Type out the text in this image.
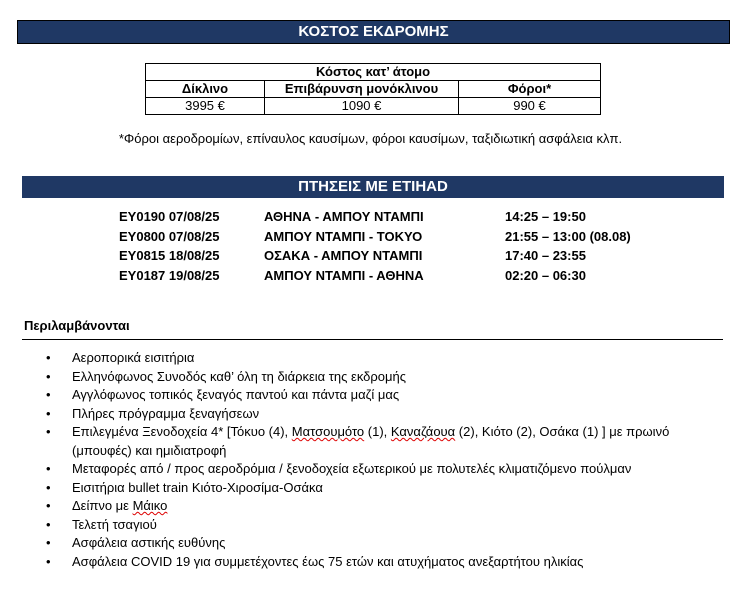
ΚΟΣΤΟΣ ΕΚΔΡΟΜΗΣ
Κόστος κατ’ άτομο		
Δίκλινο	Επιβάρυνση μονόκλινου	Φόροι*
3995 €	1090 €	990 €
*Φόροι αεροδρομίων, επίναυλος καυσίμων, φόροι καυσίμων, ταξιδιωτική ασφάλεια κλπ.
ΠΤΗΣΕΙΣ ΜΕ ΕΤΙΗΑD
EY0190 07/08/25	ΑΘΗΝΑ - ΑΜΠΟΥ ΝΤΑΜΠΙ	14:25 – 19:50
EY0800 07/08/25	ΑΜΠΟΥ ΝΤΑΜΠΙ - ΤΟΚΥΟ	21:55 – 13:00 (08.08)
EY0815 18/08/25	ΟΣΑΚΑ - ΑΜΠΟΥ ΝΤΑΜΠΙ	17:40 – 23:55
EY0187 19/08/25	ΑΜΠΟΥ ΝΤΑΜΠΙ - ΑΘΗΝΑ	02:20 – 06:30
Περιλαμβάνονται
• Αεροπορικά εισιτήρια
• Ελληνόφωνος Συνοδός καθ’ όλη τη διάρκεια της εκδρομής
• Αγγλόφωνος τοπικός ξεναγός παντού και πάντα μαζί μας
• Πλήρες πρόγραμμα ξεναγήσεων
• Επιλεγμένα Ξενοδοχεία 4* [Τόκυο (4), Ματσουμότο (1), Καναζάουα (2), Κιότο (2), Οσάκα (1) ] με πρωινό (μπουφές) και ημιδιατροφή
• Μεταφορές από / προς αεροδρόμια / ξενοδοχεία εξωτερικού με πολυτελές κλιματιζόμενο πούλμαν
• Εισιτήρια bullet train Κιότο-Χιροσίμα-Οσάκα
• Δείπνο με Μάικο
• Τελετή τσαγιού
• Ασφάλεια αστικής ευθύνης
• Ασφάλεια COVID 19 για συμμετέχοντες έως 75 ετών και ατυχήματος ανεξαρτήτου ηλικίας
